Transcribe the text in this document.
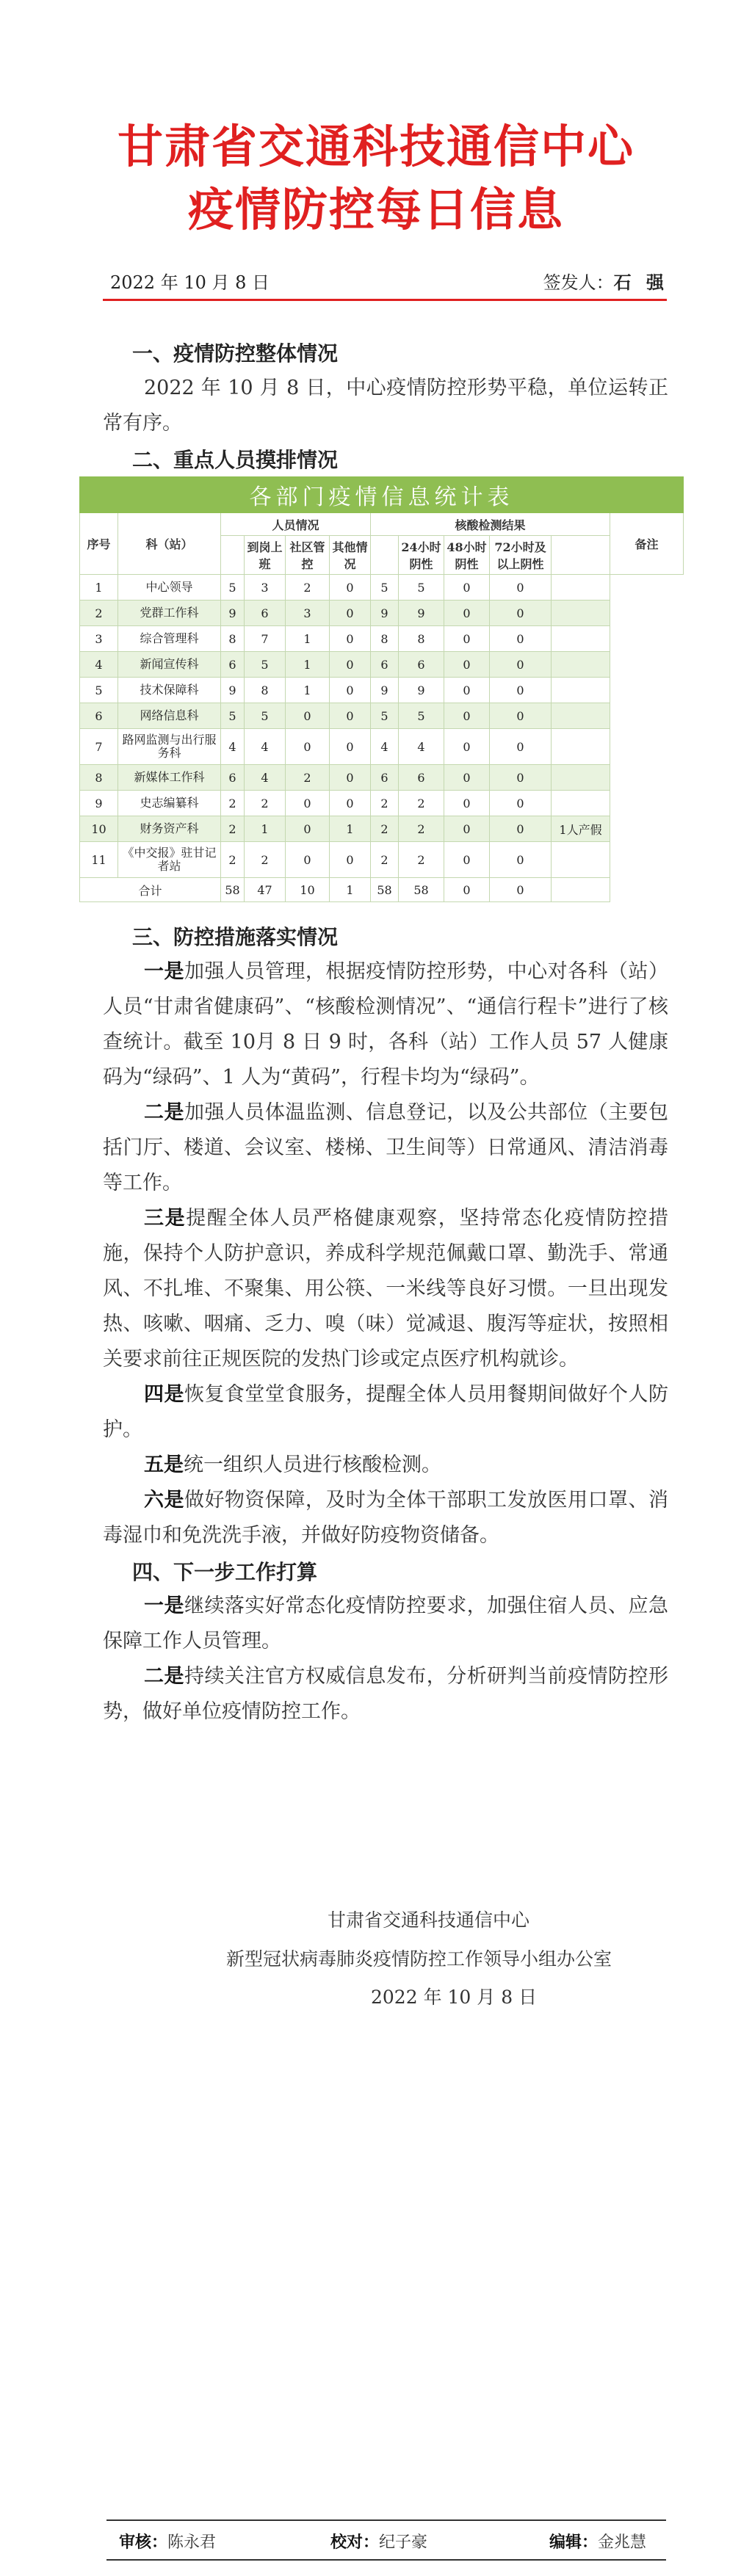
甘肃省交通科技通信中心
疫情防控每日信息
2022 年 10 月 8 日	签发人：石 强
一、疫情防控整体情况
2022 年 10 月 8 日，中心疫情防控形势平稳，单位运转正常有序。
二、重点人员摸排情况
各部门疫情信息统计表											
序号	科（站）	人员情况				核酸检测结果					备注
			到岗上班	社区管控	其他情况		24小时阴性	48小时阴性	72小时及以上阴性		
1	中心领导	5	3	2	0	5	5	0	0		
2	党群工作科	9	6	3	0	9	9	0	0		
3	综合管理科	8	7	1	0	8	8	0	0		
4	新闻宣传科	6	5	1	0	6	6	0	0		
5	技术保障科	9	8	1	0	9	9	0	0		
6	网络信息科	5	5	0	0	5	5	0	0		
7	路网监测与出行服务科	4	4	0	0	4	4	0	0		
8	新媒体工作科	6	4	2	0	6	6	0	0		
9	史志编纂科	2	2	0	0	2	2	0	0		
10	财务资产科	2	1	0	1	2	2	0	0	1人产假	
11	《中交报》驻甘记者站	2	2	0	0	2	2	0	0		
合计		58	47	10	1	58	58	0	0		
三、防控措施落实情况
一是加强人员管理，根据疫情防控形势，中心对各科（站）人员“甘肃省健康码”、“核酸检测情况”、“通信行程卡”进行了核查统计。截至 10月 8 日 9 时，各科（站）工作人员 57 人健康码为“绿码”、1 人为“黄码”，行程卡均为“绿码”。
二是加强人员体温监测、信息登记，以及公共部位（主要包括门厅、楼道、会议室、楼梯、卫生间等）日常通风、清洁消毒等工作。
三是提醒全体人员严格健康观察，坚持常态化疫情防控措施，保持个人防护意识，养成科学规范佩戴口罩、勤洗手、常通风、不扎堆、不聚集、用公筷、一米线等良好习惯。一旦出现发热、咳嗽、咽痛、乏力、嗅（味）觉减退、腹泻等症状，按照相关要求前往正规医院的发热门诊或定点医疗机构就诊。
四是恢复食堂堂食服务，提醒全体人员用餐期间做好个人防护。
五是统一组织人员进行核酸检测。
六是做好物资保障，及时为全体干部职工发放医用口罩、消毒湿巾和免洗洗手液，并做好防疫物资储备。
四、下一步工作打算
一是继续落实好常态化疫情防控要求，加强住宿人员、应急保障工作人员管理。
二是持续关注官方权威信息发布，分析研判当前疫情防控形势，做好单位疫情防控工作。
甘肃省交通科技通信中心
新型冠状病毒肺炎疫情防控工作领导小组办公室
2022 年 10 月 8 日
审核：陈永君	校对：纪子豪	编辑：金兆慧
